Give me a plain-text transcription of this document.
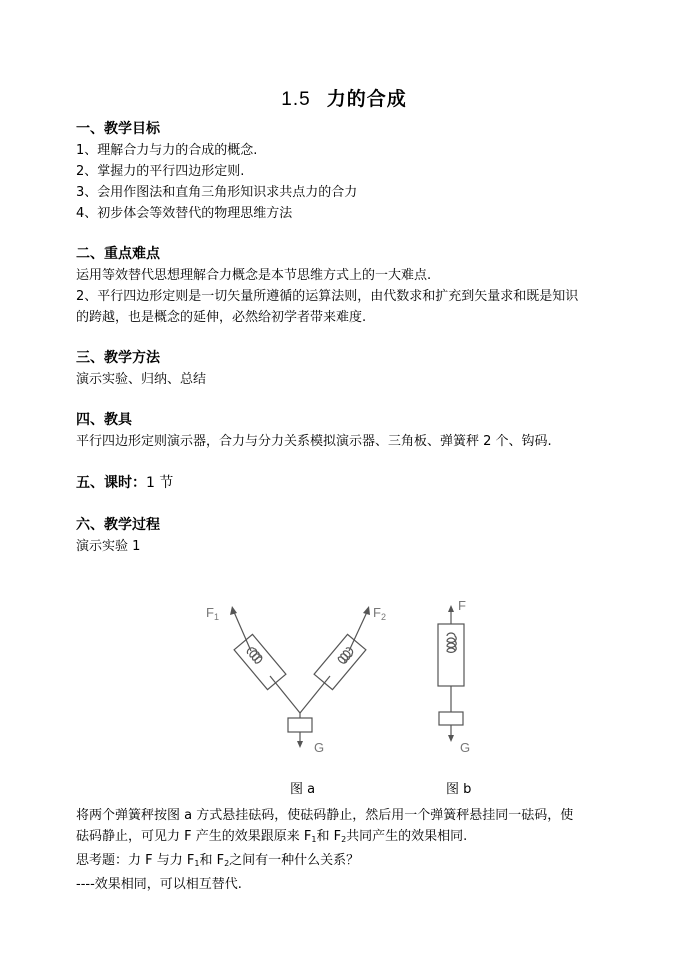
1.5 力的合成
一、教学目标
1、理解合力与力的合成的概念.
2、掌握力的平行四边形定则.
3、会用作图法和直角三角形知识求共点力的合力
4、初步体会等效替代的物理思维方法
二、重点难点
运用等效替代思想理解合力概念是本节思维方式上的一大难点.
2、平行四边形定则是一切矢量所遵循的运算法则，由代数求和扩充到矢量求和既是知识
的跨越，也是概念的延伸，必然给初学者带来难度.
三、教学方法
演示实验、归纳、总结
四、教具
平行四边形定则演示器，合力与分力关系模拟演示器、三角板、弹簧秤 2 个、钩码.
五、课时：1 节
六、教学过程
演示实验 1
$F_1$	$F_2$
G
F
G
图 a	图 b
将两个弹簧秤按图 a 方式悬挂砝码，使砝码静止，然后用一个弹簧秤悬挂同一砝码，使
砝码静止，可见力 F 产生的效果跟原来 $F_1$和 $F_2$共同产生的效果相同.
思考题：力 F 与力 $F_1$和 $F_2$之间有一种什么关系？
----效果相同，可以相互替代.
